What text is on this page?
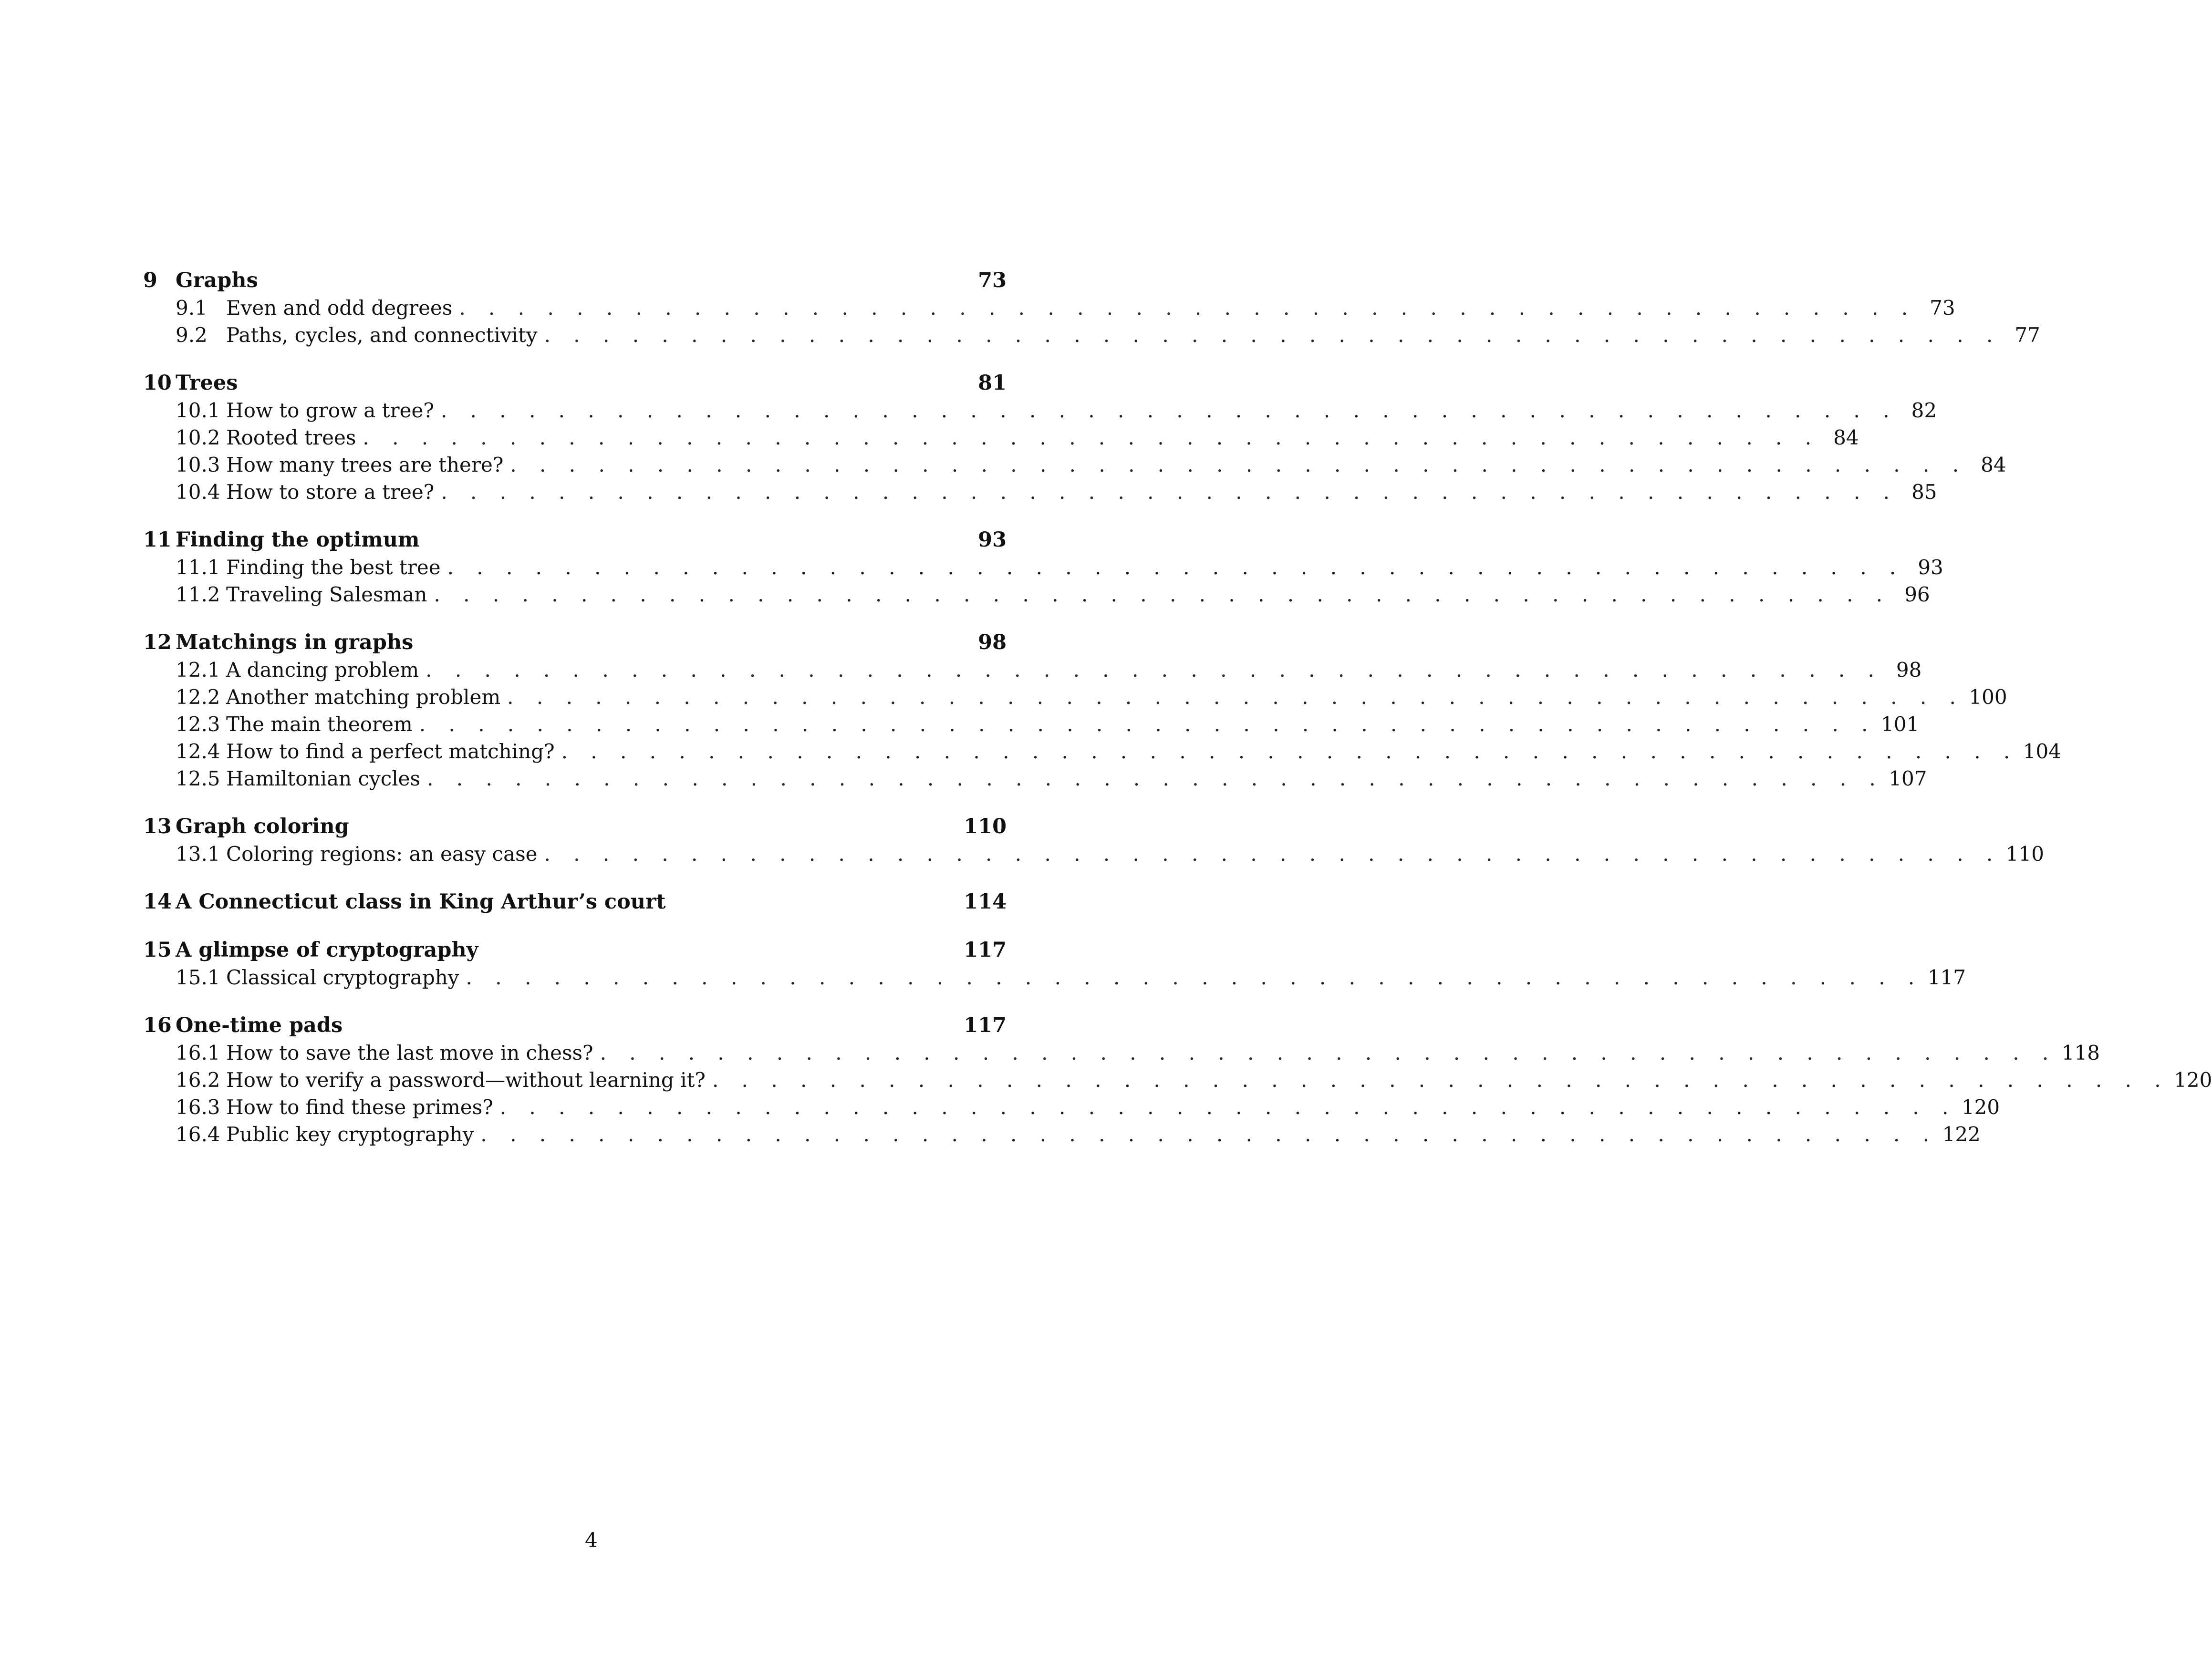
9 Graphs	73
9.1 Even and odd degrees . . . . . . . . . . . . . . . . . . . . . . . . . . . . . . . . . . . . . . . . . . . . . . . . . . 73
9.2 Paths, cycles, and connectivity . . . . . . . . . . . . . . . . . . . . . . . . . . . . . . . . . . . . . . . . . . . . . . . . . . 77
10 Trees	81
10.1 How to grow a tree? . . . . . . . . . . . . . . . . . . . . . . . . . . . . . . . . . . . . . . . . . . . . . . . . . . 82
10.2 Rooted trees . . . . . . . . . . . . . . . . . . . . . . . . . . . . . . . . . . . . . . . . . . . . . . . . . . 84
10.3 How many trees are there? . . . . . . . . . . . . . . . . . . . . . . . . . . . . . . . . . . . . . . . . . . . . . . . . . . 84
10.4 How to store a tree? . . . . . . . . . . . . . . . . . . . . . . . . . . . . . . . . . . . . . . . . . . . . . . . . . . 85
11 Finding the optimum	93
11.1 Finding the best tree . . . . . . . . . . . . . . . . . . . . . . . . . . . . . . . . . . . . . . . . . . . . . . . . . . 93
11.2 Traveling Salesman . . . . . . . . . . . . . . . . . . . . . . . . . . . . . . . . . . . . . . . . . . . . . . . . . . 96
12 Matchings in graphs	98
12.1 A dancing problem . . . . . . . . . . . . . . . . . . . . . . . . . . . . . . . . . . . . . . . . . . . . . . . . . . 98
12.2 Another matching problem . . . . . . . . . . . . . . . . . . . . . . . . . . . . . . . . . . . . . . . . . . . . . . . . . . 100
12.3 The main theorem . . . . . . . . . . . . . . . . . . . . . . . . . . . . . . . . . . . . . . . . . . . . . . . . . . 101
12.4 How to find a perfect matching? . . . . . . . . . . . . . . . . . . . . . . . . . . . . . . . . . . . . . . . . . . . . . . . . . . 104
12.5 Hamiltonian cycles . . . . . . . . . . . . . . . . . . . . . . . . . . . . . . . . . . . . . . . . . . . . . . . . . . 107
13 Graph coloring	110
13.1 Coloring regions: an easy case . . . . . . . . . . . . . . . . . . . . . . . . . . . . . . . . . . . . . . . . . . . . . . . . . . 110
14 A Connecticut class in King Arthur’s court	114
15 A glimpse of cryptography	117
15.1 Classical cryptography . . . . . . . . . . . . . . . . . . . . . . . . . . . . . . . . . . . . . . . . . . . . . . . . . . 117
16 One-time pads	117
16.1 How to save the last move in chess? . . . . . . . . . . . . . . . . . . . . . . . . . . . . . . . . . . . . . . . . . . . . . . . . . . 118
16.2 How to verify a password—without learning it? . . . . . . . . . . . . . . . . . . . . . . . . . . . . . . . . . . . . . . . . . . . . . . . . . . 120
16.3 How to find these primes? . . . . . . . . . . . . . . . . . . . . . . . . . . . . . . . . . . . . . . . . . . . . . . . . . . 120
16.4 Public key cryptography . . . . . . . . . . . . . . . . . . . . . . . . . . . . . . . . . . . . . . . . . . . . . . . . . . 122
4
